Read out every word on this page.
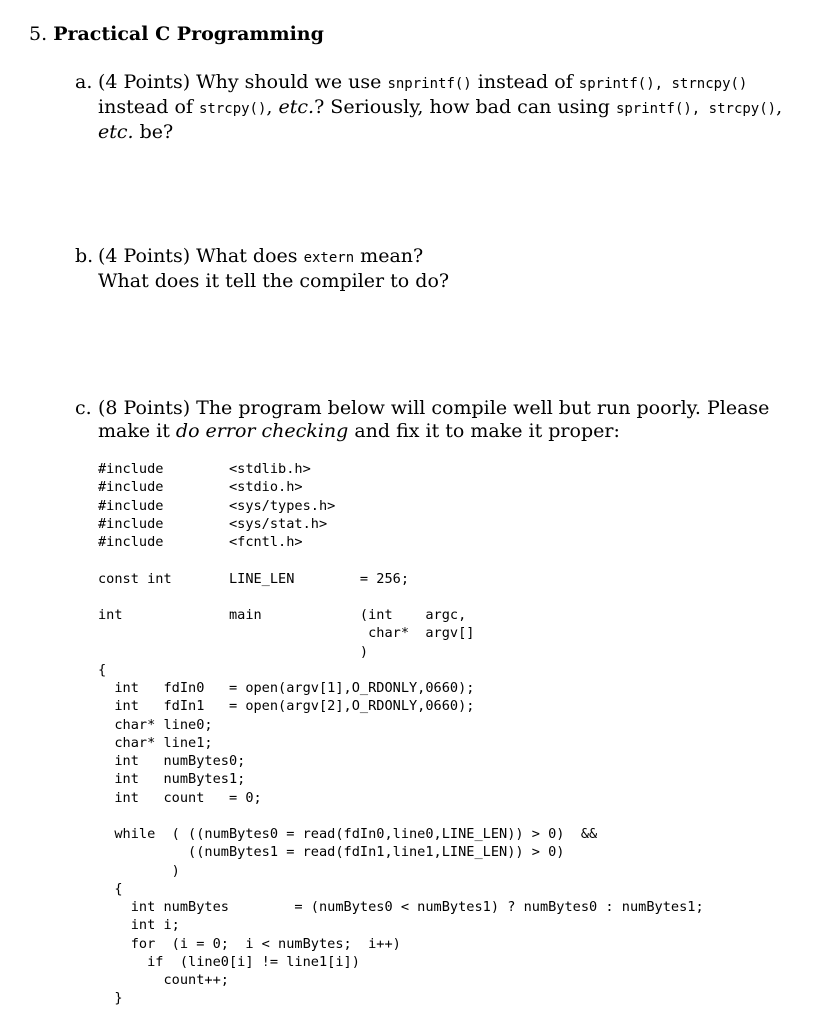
5. Practical C Programming
a. (4 Points) Why should we use snprintf() instead of sprintf(), strncpy()
instead of strcpy(), etc.? Seriously, how bad can using sprintf(), strcpy(),
etc. be?
b. (4 Points) What does extern mean?
What does it tell the compiler to do?
c. (8 Points) The program below will compile well but run poorly. Please
make it do error checking and fix it to make it proper:
#include        <stdlib.h>
#include        <stdio.h>
#include        <sys/types.h>
#include        <sys/stat.h>
#include        <fcntl.h>
const int       LINE_LEN        = 256;
int             main            (int    argc,
char*  argv[]
)
{
int   fdIn0   = open(argv[1],O_RDONLY,0660);
int   fdIn1   = open(argv[2],O_RDONLY,0660);
char* line0;
char* line1;
int   numBytes0;
int   numBytes1;
int   count   = 0;
while  ( ((numBytes0 = read(fdIn0,line0,LINE_LEN)) > 0)  &&
((numBytes1 = read(fdIn1,line1,LINE_LEN)) > 0)
)
{
int numBytes        = (numBytes0 < numBytes1) ? numBytes0 : numBytes1;
int i;
for  (i = 0;  i < numBytes;  i++)
if  (line0[i] != line1[i])
count++;
}
